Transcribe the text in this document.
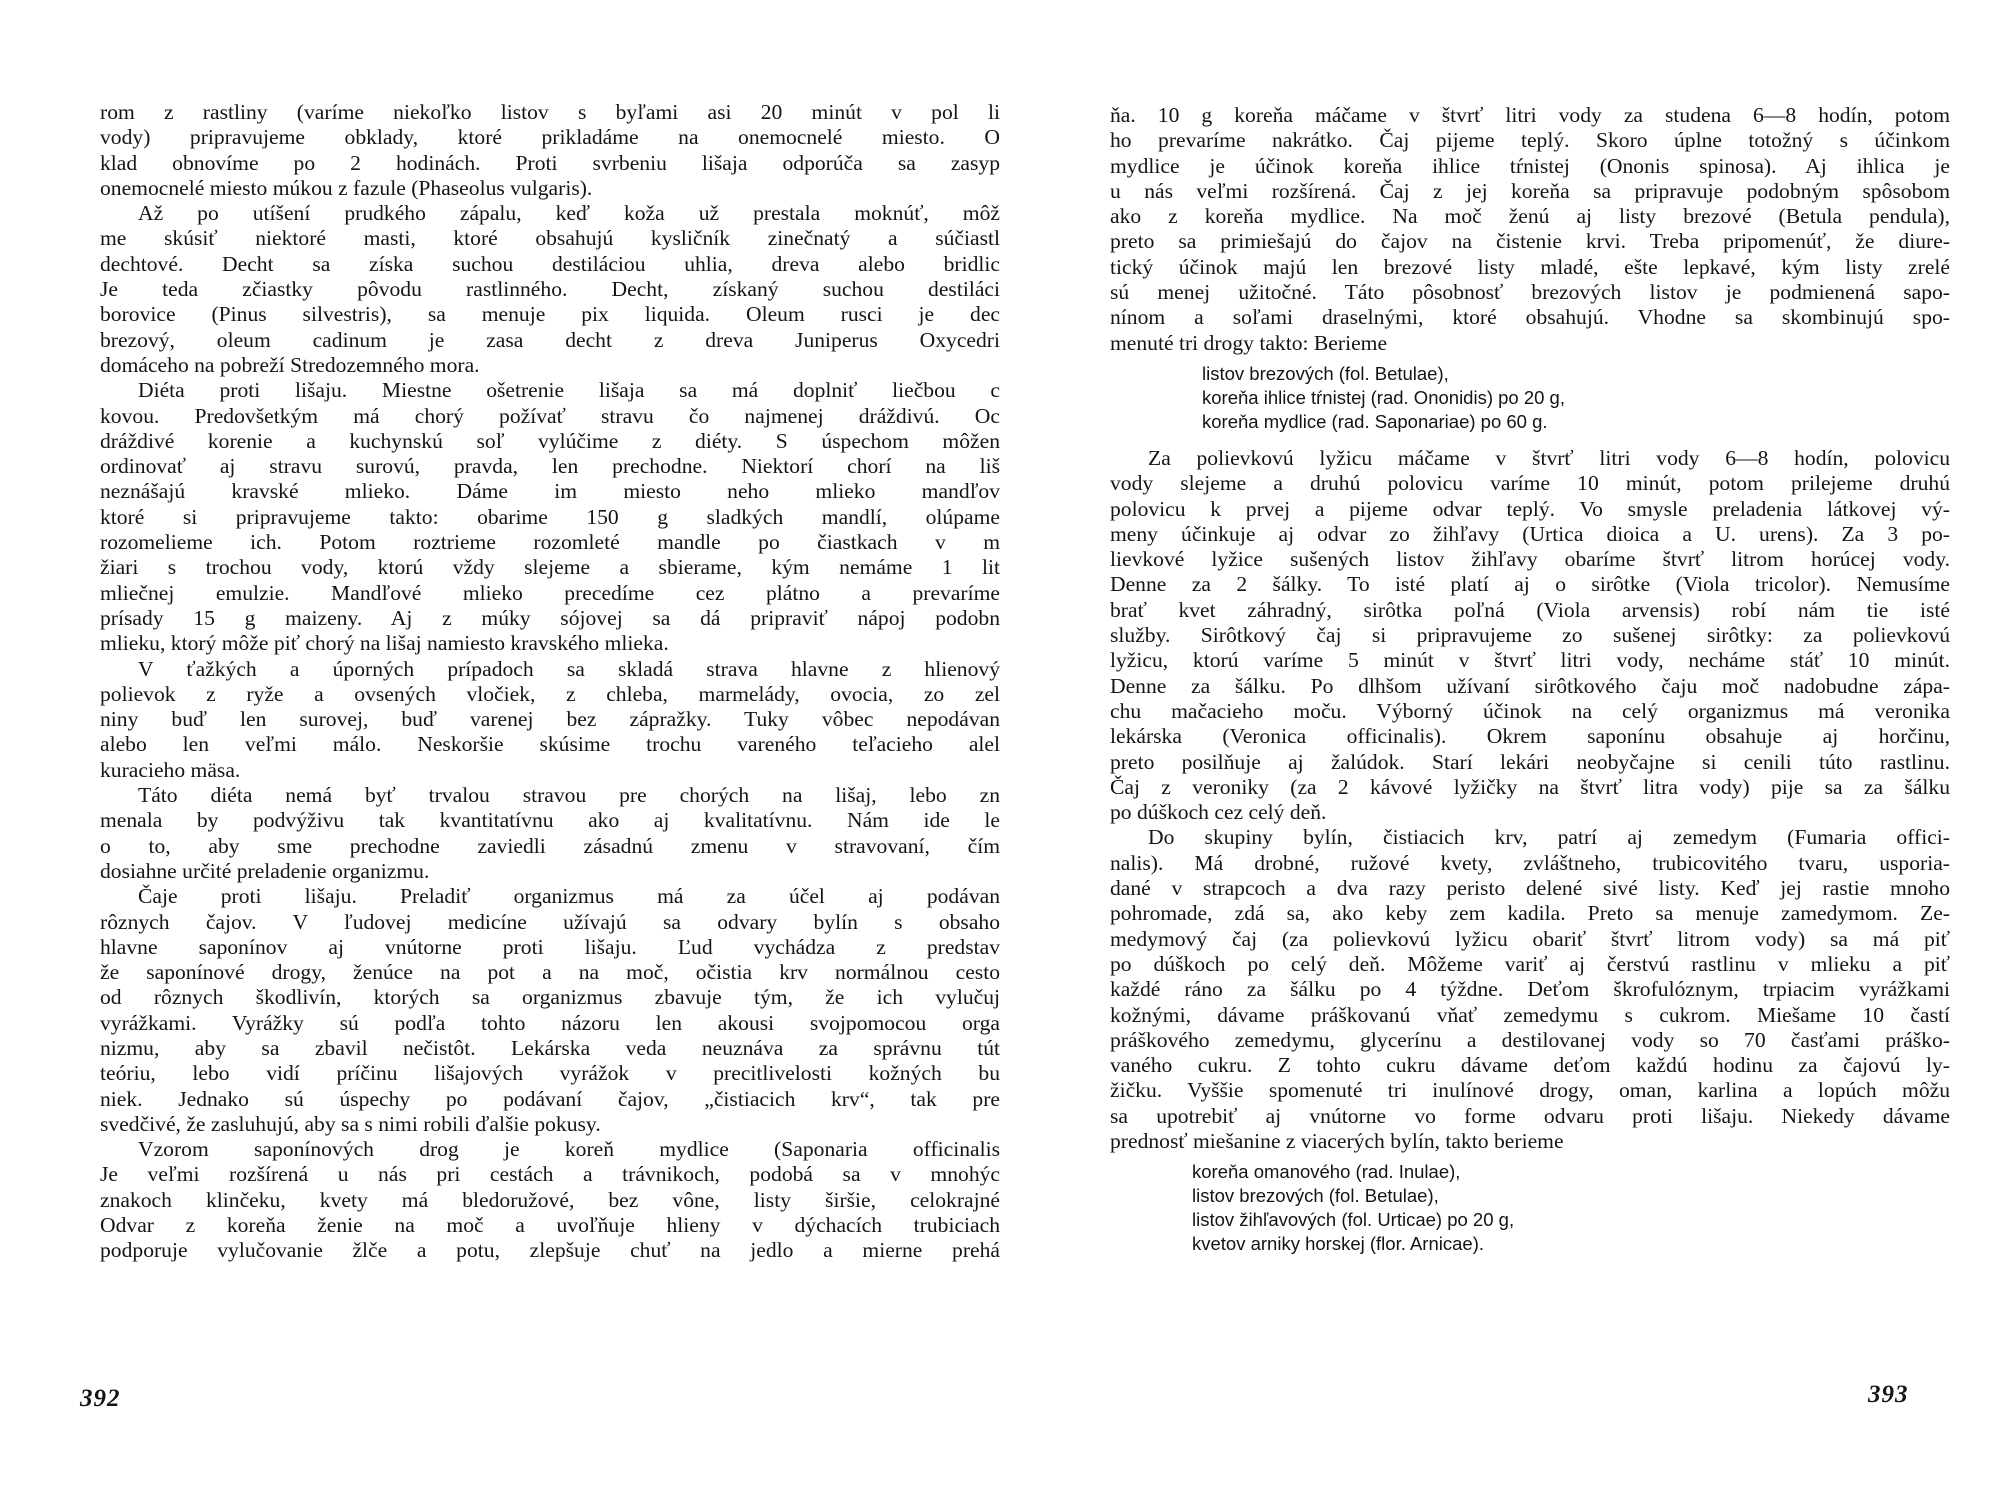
rom z rastliny (varíme niekoľko listov s byľami asi 20 minút v pol li
vody) pripravujeme obklady, ktoré prikladáme na onemocnelé miesto. O
klad obnovíme po 2 hodinách. Proti svrbeniu lišaja odporúča sa zasyp
onemocnelé miesto múkou z fazule (Phaseolus vulgaris).
Až po utíšení prudkého zápalu, keď koža už prestala moknúť, môž
me skúsiť niektoré masti, ktoré obsahujú kysličník zinečnatý a súčiastl
dechtové. Decht sa získa suchou destiláciou uhlia, dreva alebo bridlic
Je teda zčiastky pôvodu rastlinného. Decht, získaný suchou destiláci
borovice (Pinus silvestris), sa menuje pix liquida. Oleum rusci je dec
brezový, oleum cadinum je zasa decht z dreva Juniperus Oxycedri
domáceho na pobreží Stredozemného mora.
Diéta proti lišaju. Miestne ošetrenie lišaja sa má doplniť liečbou c
kovou. Predovšetkým má chorý požívať stravu čo najmenej dráždivú. Oc
dráždivé korenie a kuchynskú soľ vylúčime z diéty. S úspechom môžen
ordinovať aj stravu surovú, pravda, len prechodne. Niektorí chorí na liš
neznášajú kravské mlieko. Dáme im miesto neho mlieko mandľov
ktoré si pripravujeme takto: obarime 150 g sladkých mandlí, olúpame
rozomelieme ich. Potom roztrieme rozomleté mandle po čiastkach v m
žiari s trochou vody, ktorú vždy slejeme a sbierame, kým nemáme 1 lit
mliečnej emulzie. Mandľové mlieko precedíme cez plátno a prevaríme
prísady 15 g maizeny. Aj z múky sójovej sa dá pripraviť nápoj podobn
mlieku, ktorý môže piť chorý na lišaj namiesto kravského mlieka.
V ťažkých a úporných prípadoch sa skladá strava hlavne z hlienový
polievok z ryže a ovsených vločiek, z chleba, marmelády, ovocia, zo zel
niny buď len surovej, buď varenej bez zápražky. Tuky vôbec nepodávan
alebo len veľmi málo. Neskoršie skúsime trochu vareného teľacieho alel
kuracieho mäsa.
Táto diéta nemá byť trvalou stravou pre chorých na lišaj, lebo zn
menala by podvýživu tak kvantitatívnu ako aj kvalitatívnu. Nám ide le
o to, aby sme prechodne zaviedli zásadnú zmenu v stravovaní, čím
dosiahne určité preladenie organizmu.
Čaje proti lišaju. Preladiť organizmus má za účel aj podávan
rôznych čajov. V ľudovej medicíne užívajú sa odvary bylín s obsaho
hlavne saponínov aj vnútorne proti lišaju. Ľud vychádza z predstav
že saponínové drogy, ženúce na pot a na moč, očistia krv normálnou cesto
od rôznych škodlivín, ktorých sa organizmus zbavuje tým, že ich vylučuj
vyrážkami. Vyrážky sú podľa tohto názoru len akousi svojpomocou orga
nizmu, aby sa zbavil nečistôt. Lekárska veda neuznáva za správnu tút
teóriu, lebo vidí príčinu lišajových vyrážok v precitlivelosti kožných bu
niek. Jednako sú úspechy po podávaní čajov, „čistiacich krv“, tak pre
svedčivé, že zasluhujú, aby sa s nimi robili ďalšie pokusy.
Vzorom saponínových drog je koreň mydlice (Saponaria officinalis
Je veľmi rozšírená u nás pri cestách a trávnikoch, podobá sa v mnohýc
znakoch klinčeku, kvety má bledoružové, bez vône, listy širšie, celokrajné
Odvar z koreňa ženie na moč a uvoľňuje hlieny v dýchacích trubiciach
podporuje vylučovanie žlče a potu, zlepšuje chuť na jedlo a mierne prehá
392
ňa. 10 g koreňa máčame v štvrť litri vody za studena 6—8 hodín, potom
ho prevaríme nakrátko. Čaj pijeme teplý. Skoro úplne totožný s účinkom
mydlice je účinok koreňa ihlice tŕnistej (Ononis spinosa). Aj ihlica je
u nás veľmi rozšírená. Čaj z jej koreňa sa pripravuje podobným spôsobom
ako z koreňa mydlice. Na moč ženú aj listy brezové (Betula pendula),
preto sa primiešajú do čajov na čistenie krvi. Treba pripomenúť, že diure-
tický účinok majú len brezové listy mladé, ešte lepkavé, kým listy zrelé
sú menej užitočné. Táto pôsobnosť brezových listov je podmienená sapo-
nínom a soľami draselnými, ktoré obsahujú. Vhodne sa skombinujú spo-
menuté tri drogy takto: Berieme
listov brezových (fol. Betulae),
koreňa ihlice tŕnistej (rad. Ononidis) po 20 g,
koreňa mydlice (rad. Saponariae) po 60 g.
Za polievkovú lyžicu máčame v štvrť litri vody 6—8 hodín, polovicu
vody slejeme a druhú polovicu varíme 10 minút, potom prilejeme druhú
polovicu k prvej a pijeme odvar teplý. Vo smysle preladenia látkovej vý-
meny účinkuje aj odvar zo žihľavy (Urtica dioica a U. urens). Za 3 po-
lievkové lyžice sušených listov žihľavy obaríme štvrť litrom horúcej vody.
Denne za 2 šálky. To isté platí aj o sirôtke (Viola tricolor). Nemusíme
brať kvet záhradný, sirôtka poľná (Viola arvensis) robí nám tie isté
služby. Sirôtkový čaj si pripravujeme zo sušenej sirôtky: za polievkovú
lyžicu, ktorú varíme 5 minút v štvrť litri vody, necháme stáť 10 minút.
Denne za šálku. Po dlhšom užívaní sirôtkového čaju moč nadobudne zápa-
chu mačacieho moču. Výborný účinok na celý organizmus má veronika
lekárska (Veronica officinalis). Okrem saponínu obsahuje aj horčinu,
preto posilňuje aj žalúdok. Starí lekári neobyčajne si cenili túto rastlinu.
Čaj z veroniky (za 2 kávové lyžičky na štvrť litra vody) pije sa za šálku
po dúškoch cez celý deň.
Do skupiny bylín, čistiacich krv, patrí aj zemedym (Fumaria offici-
nalis). Má drobné, ružové kvety, zvláštneho, trubicovitého tvaru, usporia-
dané v strapcoch a dva razy peristo delené sivé listy. Keď jej rastie mnoho
pohromade, zdá sa, ako keby zem kadila. Preto sa menuje zamedymom. Ze-
medymový čaj (za polievkovú lyžicu obariť štvrť litrom vody) sa má piť
po dúškoch po celý deň. Môžeme variť aj čerstvú rastlinu v mlieku a piť
každé ráno za šálku po 4 týždne. Deťom škrofulóznym, trpiacim vyrážkami
kožnými, dávame práškovanú vňať zemedymu s cukrom. Miešame 10 častí
práškového zemedymu, glycerínu a destilovanej vody so 70 časťami práško-
vaného cukru. Z tohto cukru dávame deťom každú hodinu za čajovú ly-
žičku. Vyššie spomenuté tri inulínové drogy, oman, karlina a lopúch môžu
sa upotrebiť aj vnútorne vo forme odvaru proti lišaju. Niekedy dávame
prednosť miešanine z viacerých bylín, takto berieme
koreňa omanového (rad. Inulae),
listov brezových (fol. Betulae),
listov žihľavových (fol. Urticae) po 20 g,
kvetov arniky horskej (flor. Arnicae).
393
